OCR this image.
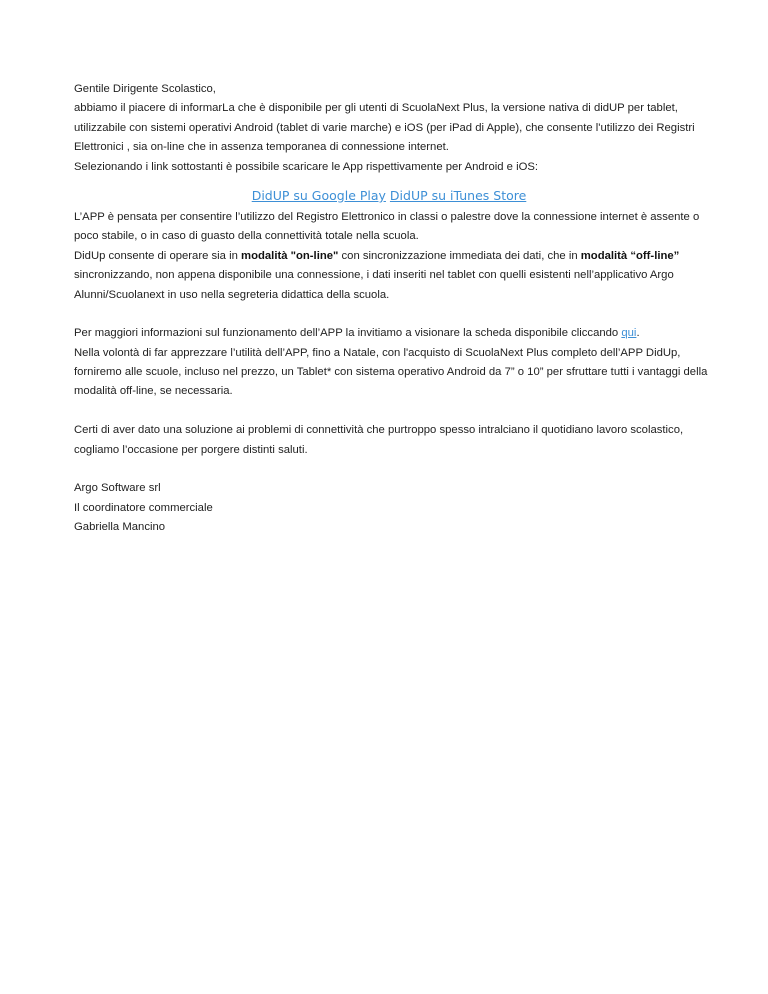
Gentile Dirigente Scolastico,
abbiamo il piacere di informarLa che è disponibile per gli utenti di ScuolaNext Plus, la versione nativa di didUP per tablet,
utilizzabile con sistemi operativi Android (tablet di varie marche) e iOS (per iPad di Apple), che consente l'utilizzo dei Registri
Elettronici , sia on-line che in assenza temporanea di connessione internet.
Selezionando i link sottostanti è possibile scaricare le App rispettivamente per Android e iOS:
DidUP su Google Play DidUP su iTunes Store
L’APP è pensata per consentire l’utilizzo del Registro Elettronico in classi o palestre dove la connessione internet è assente o
poco stabile, o in caso di guasto della connettività totale nella scuola.
DidUp consente di operare sia in modalità "on-line" con sincronizzazione immediata dei dati, che in modalità “off-line”
sincronizzando, non appena disponibile una connessione, i dati inseriti nel tablet con quelli esistenti nell’applicativo Argo
Alunni/Scuolanext in uso nella segreteria didattica della scuola.
Per maggiori informazioni sul funzionamento dell’APP la invitiamo a visionare la scheda disponibile cliccando qui.
Nella volontà di far apprezzare l’utilità dell’APP, fino a Natale, con l'acquisto di ScuolaNext Plus completo dell’APP DidUp,
forniremo alle scuole, incluso nel prezzo, un Tablet* con sistema operativo Android da 7” o 10” per sfruttare tutti i vantaggi della
modalità off-line, se necessaria.
Certi di aver dato una soluzione ai problemi di connettività che purtroppo spesso intralciano il quotidiano lavoro scolastico,
cogliamo l’occasione per porgere distinti saluti.
Argo Software srl
Il coordinatore commerciale
Gabriella Mancino
